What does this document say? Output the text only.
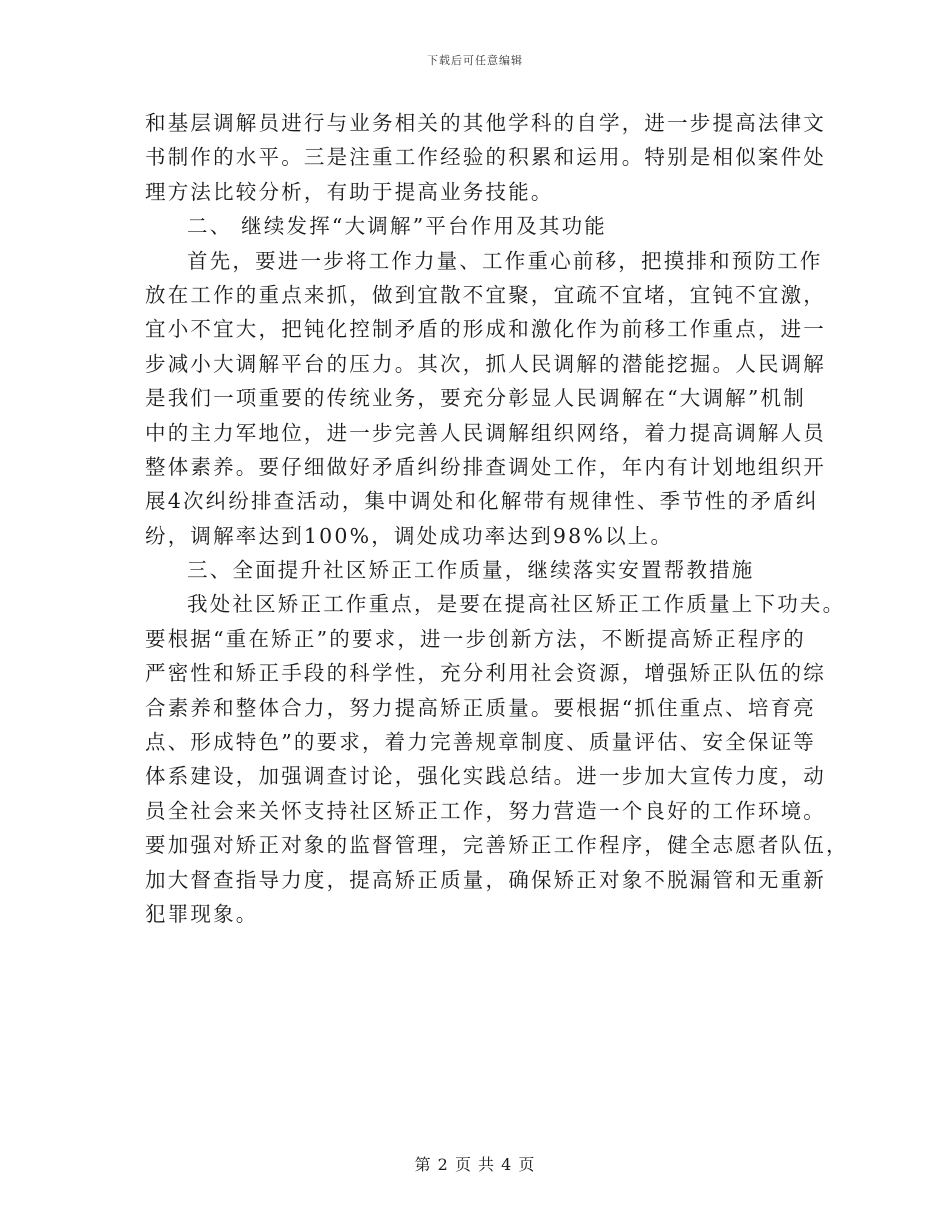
下载后可任意编辑
和基层调解员进行与业务相关的其他学科的自学，进一步提高法律文
书制作的水平。三是注重工作经验的积累和运用。特别是相似案件处
理方法比较分析，有助于提高业务技能。
二、 继续发挥“大调解”平台作用及其功能
首先，要进一步将工作力量、工作重心前移，把摸排和预防工作
放在工作的重点来抓，做到宜散不宜聚，宜疏不宜堵，宜钝不宜激，
宜小不宜大，把钝化控制矛盾的形成和激化作为前移工作重点，进一
步减小大调解平台的压力。其次，抓人民调解的潜能挖掘。人民调解
是我们一项重要的传统业务，要充分彰显人民调解在“大调解”机制
中的主力军地位，进一步完善人民调解组织网络，着力提高调解人员
整体素养。要仔细做好矛盾纠纷排查调处工作，年内有计划地组织开
展4次纠纷排查活动，集中调处和化解带有规律性、季节性的矛盾纠
纷，调解率达到100%，调处成功率达到98%以上。
三、全面提升社区矫正工作质量，继续落实安置帮教措施
我处社区矫正工作重点，是要在提高社区矫正工作质量上下功夫。
要根据“重在矫正”的要求，进一步创新方法，不断提高矫正程序的
严密性和矫正手段的科学性，充分利用社会资源，增强矫正队伍的综
合素养和整体合力，努力提高矫正质量。要根据“抓住重点、培育亮
点、形成特色”的要求，着力完善规章制度、质量评估、安全保证等
体系建设，加强调查讨论，强化实践总结。进一步加大宣传力度，动
员全社会来关怀支持社区矫正工作，努力营造一个良好的工作环境。
要加强对矫正对象的监督管理，完善矫正工作程序，健全志愿者队伍，
加大督查指导力度，提高矫正质量，确保矫正对象不脱漏管和无重新
犯罪现象。
第 2 页 共 4 页
